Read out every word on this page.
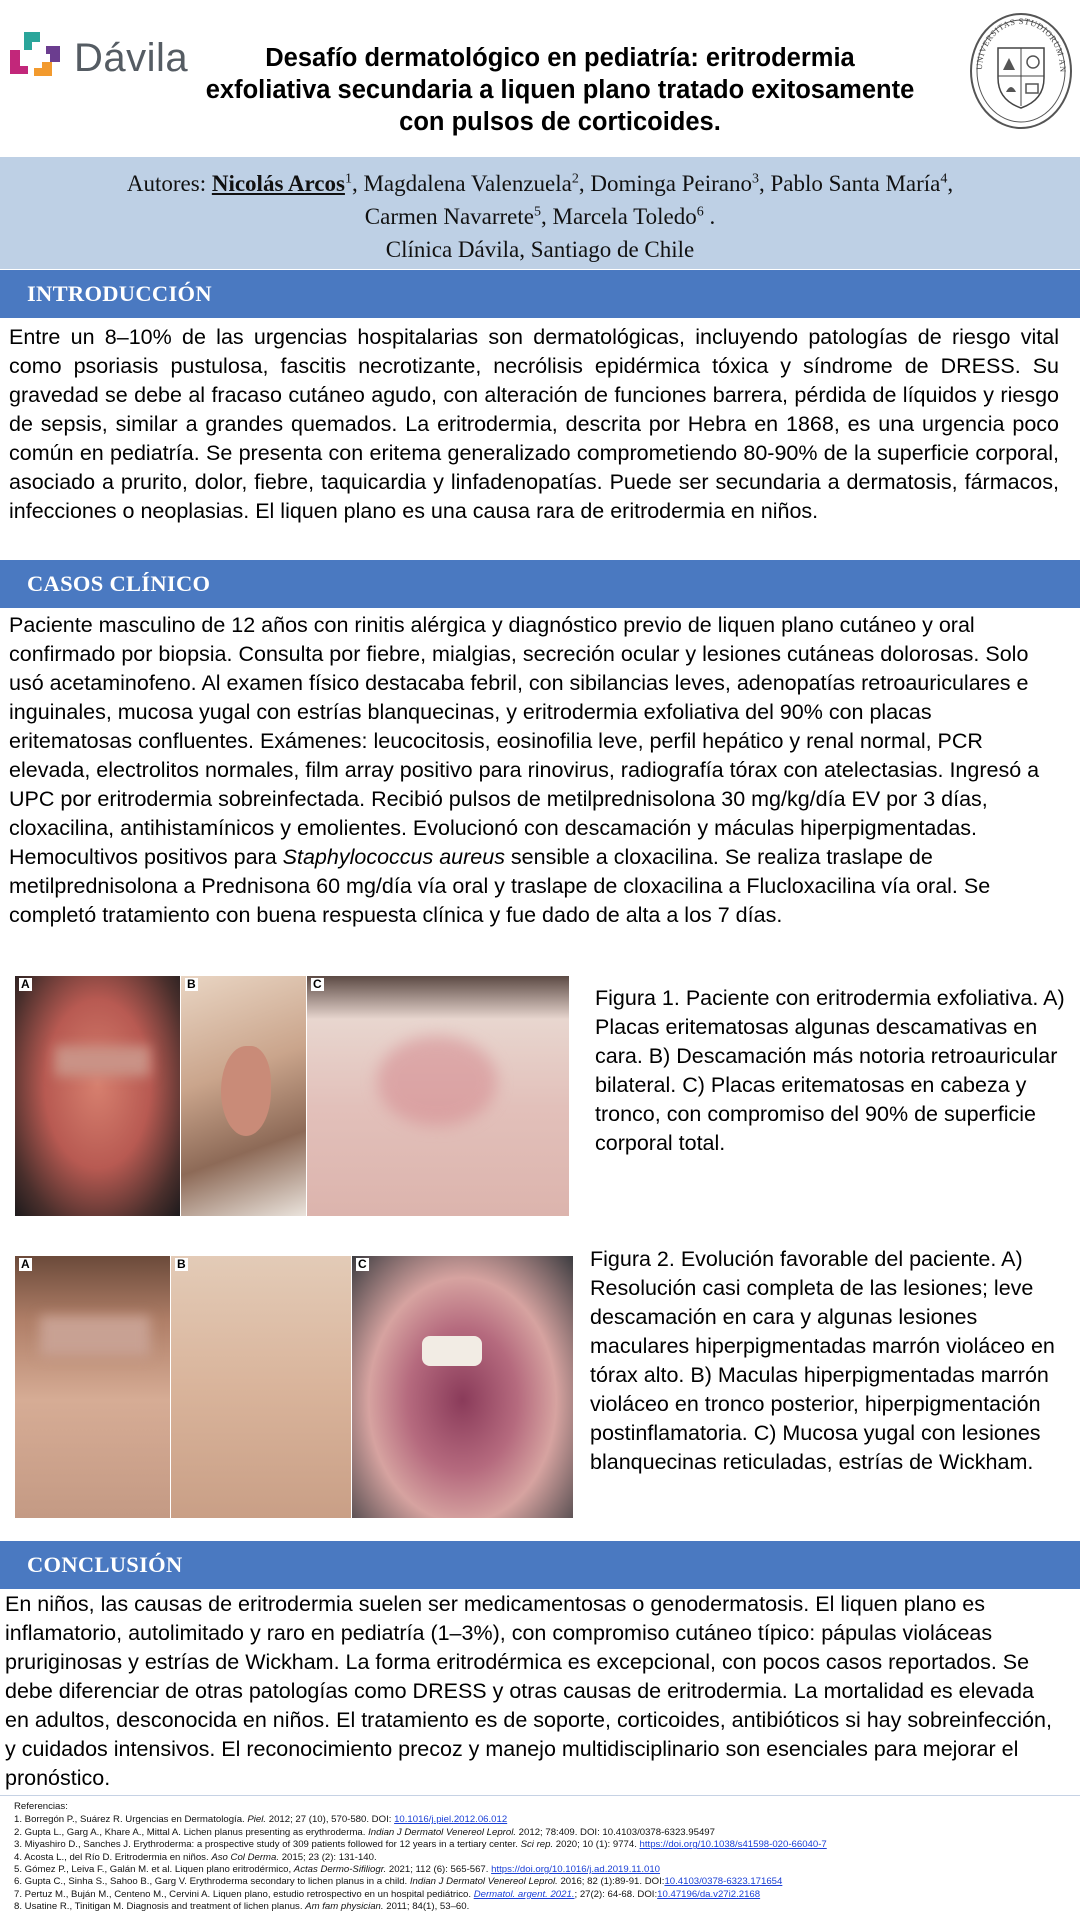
Dávila	Desafío dermatológico en pediatría: eritrodermia
exfoliativa secundaria a liquen plano tratado exitosamente
con pulsos de corticoides.
UNIVERSITAS STUDIORUM AN
Autores: Nicolás Arcos$^1$, Magdalena Valenzuela$^2$, Dominga Peirano$^3$, Pablo Santa María$^4$,
Carmen Navarrete$^5$, Marcela Toledo$^6$ .
Clínica Dávila, Santiago de Chile
INTRODUCCIÓN
Entre un 8–10% de las urgencias hospitalarias son dermatológicas, incluyendo patologías de riesgo vital como psoriasis pustulosa, fascitis necrotizante, necrólisis epidérmica tóxica y síndrome de DRESS. Su gravedad se debe al fracaso cutáneo agudo, con alteración de funciones barrera, pérdida de líquidos y riesgo de sepsis, similar a grandes quemados. La eritrodermia, descrita por Hebra en 1868, es una urgencia poco común en pediatría. Se presenta con eritema generalizado comprometiendo 80-90% de la superficie corporal, asociado a prurito, dolor, fiebre, taquicardia y linfadenopatías. Puede ser secundaria a dermatosis, fármacos, infecciones o neoplasias. El liquen plano es una causa rara de eritrodermia en niños.
CASOS CLÍNICO
Paciente masculino de 12 años con rinitis alérgica y diagnóstico previo de liquen plano cutáneo y oral confirmado por biopsia. Consulta por fiebre, mialgias, secreción ocular y lesiones cutáneas dolorosas. Solo usó acetaminofeno. Al examen físico destacaba febril, con sibilancias leves, adenopatías retroauriculares e inguinales, mucosa yugal con estrías blanquecinas, y eritrodermia exfoliativa del 90% con placas eritematosas confluentes. Exámenes: leucocitosis, eosinofilia leve, perfil hepático y renal normal, PCR elevada, electrolitos normales, film array positivo para rinovirus, radiografía tórax con atelectasias. Ingresó a UPC por eritrodermia sobreinfectada. Recibió pulsos de metilprednisolona 30 mg/kg/día EV por 3 días, cloxacilina, antihistamínicos y emolientes. Evolucionó con descamación y máculas hiperpigmentadas. Hemocultivos positivos para Staphylococcus aureus sensible a cloxacilina. Se realiza traslape de metilprednisolona a Prednisona 60 mg/día vía oral y traslape de cloxacilina a Flucloxacilina vía oral. Se completó tratamiento con buena respuesta clínica y fue dado de alta a los 7 días.
A	B	C
Figura 1. Paciente con eritrodermia exfoliativa. A) Placas eritematosas algunas descamativas en cara. B) Descamación más notoria retroauricular bilateral. C) Placas eritematosas en cabeza y tronco, con compromiso del 90% de superficie corporal total.
A	B	C	Figura 2. Evolución favorable del paciente. A) Resolución casi completa de las lesiones; leve descamación en cara y algunas lesiones maculares hiperpigmentadas marrón violáceo en tórax alto. B) Maculas hiperpigmentadas marrón violáceo en tronco posterior, hiperpigmentación postinflamatoria. C) Mucosa yugal con lesiones blanquecinas reticuladas, estrías de Wickham.
CONCLUSIÓN
En niños, las causas de eritrodermia suelen ser medicamentosas o genodermatosis. El liquen plano es inflamatorio, autolimitado y raro en pediatría (1–3%), con compromiso cutáneo típico: pápulas violáceas pruriginosas y estrías de Wickham. La forma eritrodérmica es excepcional, con pocos casos reportados. Se debe diferenciar de otras patologías como DRESS y otras causas de eritrodermia. La mortalidad es elevada en adultos, desconocida en niños. El tratamiento es de soporte, corticoides, antibióticos si hay sobreinfección, y cuidados intensivos. El reconocimiento precoz y manejo multidisciplinario son esenciales para mejorar el pronóstico.
Referencias:
1. Borregón P., Suárez R. Urgencias en Dermatología. Piel. 2012; 27 (10), 570-580. DOI: 10.1016/j.piel.2012.06.012
2. Gupta L., Garg A., Khare A., Mittal A. Lichen planus presenting as erythroderma. Indian J Dermatol Venereol Leprol. 2012; 78:409. DOI: 10.4103/0378-6323.95497
3. Miyashiro D., Sanches J. Erythroderma: a prospective study of 309 patients followed for 12 years in a tertiary center. Sci rep. 2020; 10 (1): 9774. https://doi.org/10.1038/s41598-020-66040-7
4. Acosta L., del Río D. Eritrodermia en niños. Aso Col Derma. 2015; 23 (2): 131-140.
5. Gómez P., Leiva F., Galán M. et al. Liquen plano eritrodérmico, Actas Dermo-Sifiliogr. 2021; 112 (6): 565-567. https://doi.org/10.1016/j.ad.2019.11.010
6. Gupta C., Sinha S., Sahoo B., Garg V. Erythroderma secondary to lichen planus in a child. Indian J Dermatol Venereol Leprol. 2016; 82 (1):89-91. DOI:10.4103/0378-6323.171654
7. Pertuz M., Buján M., Centeno M., Cervini A. Liquen plano, estudio retrospectivo en un hospital pediátrico. Dermatol. argent. 2021.; 27(2): 64-68. DOI:10.47196/da.v27i2.2168
8. Usatine R., Tinitigan M. Diagnosis and treatment of lichen planus. Am fam physician. 2011; 84(1), 53–60.
